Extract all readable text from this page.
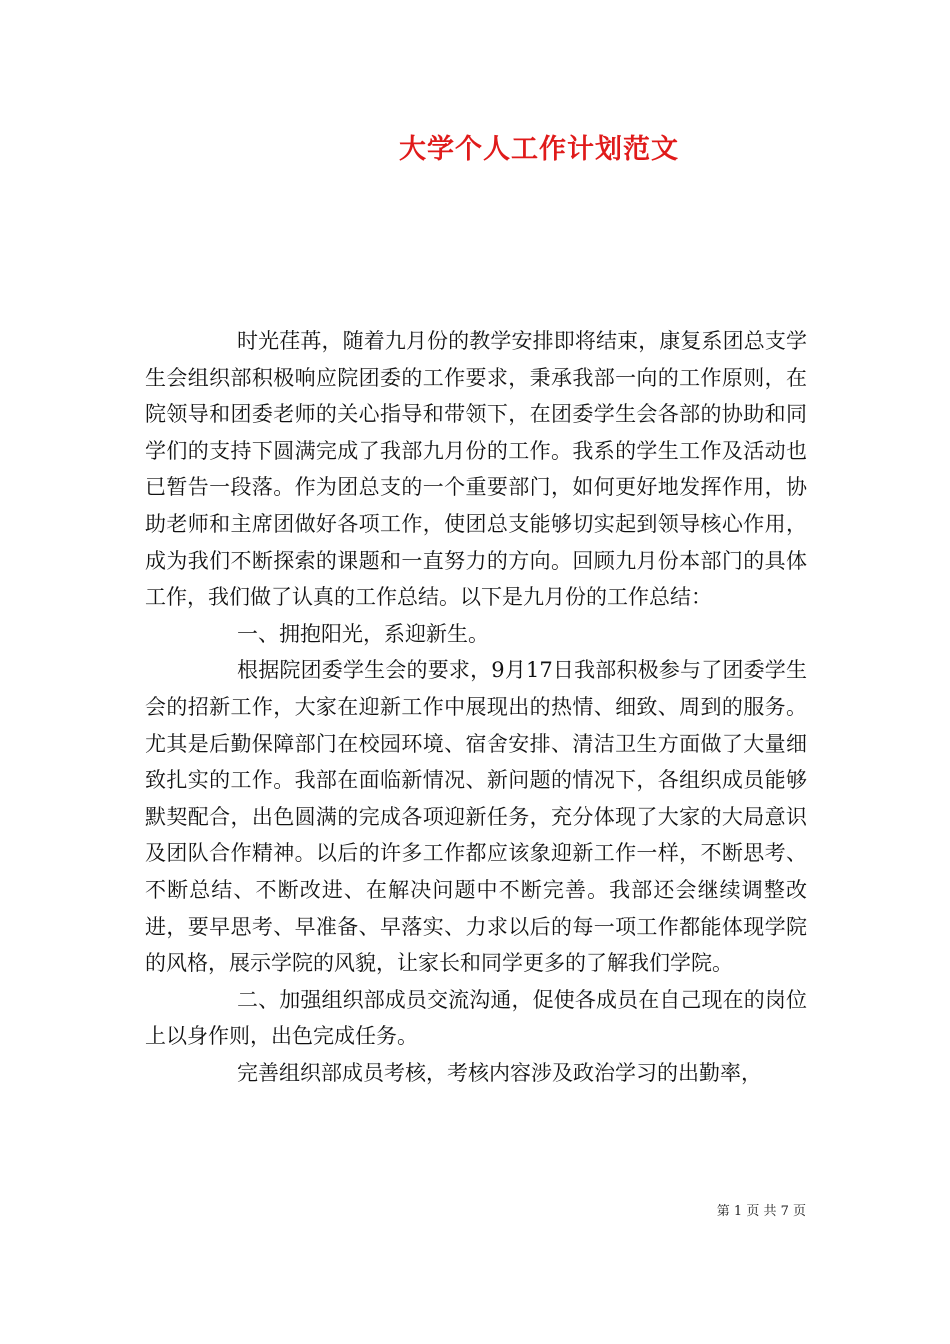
大学个人工作计划范文

时光荏苒，随着九月份的教学安排即将结束，康复系团总支学生会组织部积极响应院团委的工作要求，秉承我部一向的工作原则，在院领导和团委老师的关心指导和带领下，在团委学生会各部的协助和同学们的支持下圆满完成了我部九月份的工作。我系的学生工作及活动也已暂告一段落。作为团总支的一个重要部门，如何更好地发挥作用，协助老师和主席团做好各项工作，使团总支能够切实起到领导核心作用，成为我们不断探索的课题和一直努力的方向。回顾九月份本部门的具体工作，我们做了认真的工作总结。以下是九月份的工作总结：

一、拥抱阳光，系迎新生。

根据院团委学生会的要求，9月17日我部积极参与了团委学生会的招新工作，大家在迎新工作中展现出的热情、细致、周到的服务。尤其是后勤保障部门在校园环境、宿舍安排、清洁卫生方面做了大量细致扎实的工作。我部在面临新情况、新问题的情况下，各组织成员能够默契配合，出色圆满的完成各项迎新任务，充分体现了大家的大局意识及团队合作精神。以后的许多工作都应该象迎新工作一样，不断思考、不断总结、不断改进、在解决问题中不断完善。我部还会继续调整改进，要早思考、早准备、早落实、力求以后的每一项工作都能体现学院的风格，展示学院的风貌，让家长和同学更多的了解我们学院。

二、加强组织部成员交流沟通，促使各成员在自己现在的岗位上以身作则，出色完成任务。

完善组织部成员考核，考核内容涉及政治学习的出勤率，

第 1 页 共 7 页
